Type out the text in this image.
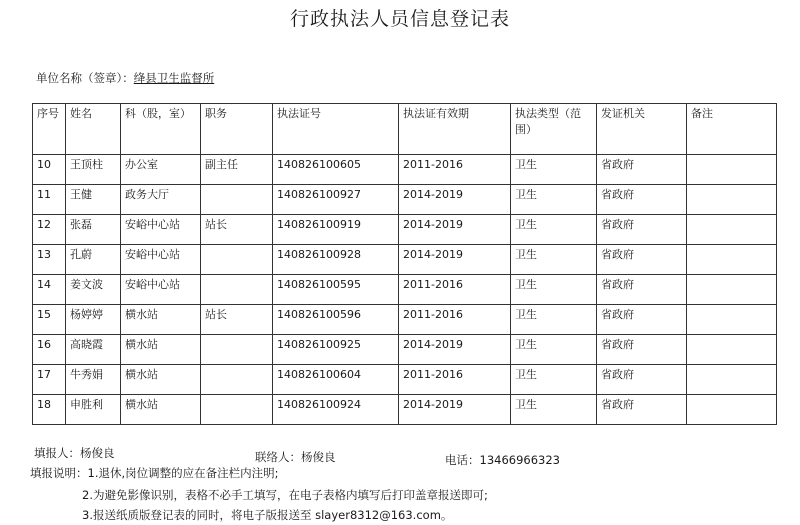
行政执法人员信息登记表
单位名称（签章）：绛县卫生监督所
序号	姓名	科（股，室）	职务	执法证号	执法证有效期	执法类型（范围）	发证机关	备注
10	王顶柱	办公室	副主任	140826100605	2011-2016	卫生	省政府	
11	王健	政务大厅		140826100927	2014-2019	卫生	省政府	
12	张磊	安峪中心站	站长	140826100919	2014-2019	卫生	省政府	
13	孔蔚	安峪中心站		140826100928	2014-2019	卫生	省政府	
14	姜文波	安峪中心站		140826100595	2011-2016	卫生	省政府	
15	杨婷婷	横水站	站长	140826100596	2011-2016	卫生	省政府	
16	高晓霞	横水站		140826100925	2014-2019	卫生	省政府	
17	牛秀娟	横水站		140826100604	2011-2016	卫生	省政府	
18	申胜利	横水站		140826100924	2014-2019	卫生	省政府	
填报人：杨俊良	联络人：杨俊良	电话：13466966323
填报说明：1.退休,岗位调整的应在备注栏内注明;
2.为避免影像识别，表格不必手工填写，在电子表格内填写后打印盖章报送即可;
3.报送纸质版登记表的同时，将电子版报送至 slayer8312@163.com。
